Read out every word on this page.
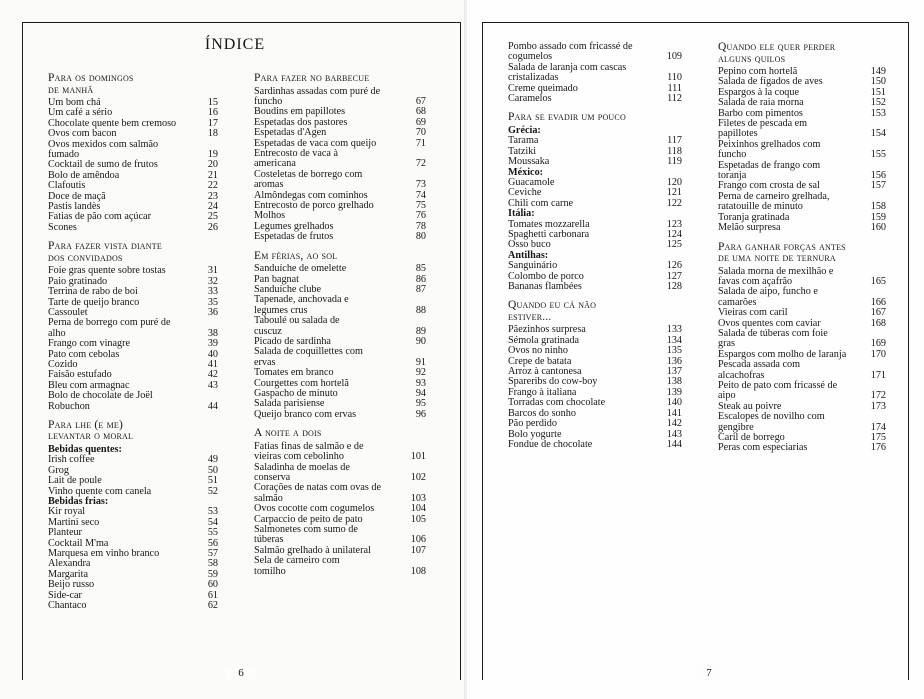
ÍNDICE
Para os domingos
de manhã
Um bom chá	15
Um café a sério	16
Chocolate quente bem cremoso	17
Ovos com bacon	18
Ovos mexidos com salmão
fumado	19
Cocktail de sumo de frutos	20
Bolo de amêndoa	21
Clafoutis	22
Doce de maçã	23
Pastis landès	24
Fatias de pão com açúcar	25
Scones	26
Para fazer vista diante
dos convidados
Foie gras quente sobre tostas	31
Paio gratinado	32
Terrina de rabo de boi	33
Tarte de queijo branco	35
Cassoulet	36
Perna de borrego com puré de
alho	38
Frango com vinagre	39
Pato com cebolas	40
Cozido	41
Faisão estufado	42
Bleu com armagnac	43
Bolo de chocolate de Joël
Robuchon	44
Para lhe (e me)
levantar o moral
Bebidas quentes:
Irish coffee	49
Grog	50
Lait de poule	51
Vinho quente com canela	52
Bebidas frias:
Kir royal	53
Martini seco	54
Planteur	55
Cocktail M'ma	56
Marquesa em vinho branco	57
Alexandra	58
Margarita	59
Beijo russo	60
Side-car	61
Chantaco	62
Para fazer no barbecue
Sardinhas assadas com puré de
funcho	67
Boudins em papillotes	68
Espetadas dos pastores	69
Espetadas d'Agen	70
Espetadas de vaca com queijo	71
Entrecosto de vaca à
americana	72
Costeletas de borrego com
aromas	73
Almôndegas com cominhos	74
Entrecosto de porco grelhado	75
Molhos	76
Legumes grelhados	78
Espetadas de frutos	80
Em férias, ao sol
Sanduíche de omelette	85
Pan bagnat	86
Sanduíche clube	87
Tapenade, anchovada e
legumes crus	88
Taboulé ou salada de
cuscuz	89
Picado de sardinha	90
Salada de coquillettes com
ervas	91
Tomates em branco	92
Courgettes com hortelã	93
Gaspacho de minuto	94
Salada parisiense	95
Queijo branco com ervas	96
A noite a dois
Fatias finas de salmão e de
vieiras com cebolinho	101
Saladinha de moelas de
conserva	102
Corações de natas com ovas de
salmão	103
Ovos cocotte com cogumelos	104
Carpaccio de peito de pato	105
Salmonetes com sumo de
túberas	106
Salmão grelhado à unilateral	107
Sela de carneiro com
tomilho	108
Pombo assado com fricassé de
cogumelos	109
Salada de laranja com cascas
cristalizadas	110
Creme queimado	111
Caramelos	112
Para se evadir um pouco
Grécia:
Tarama	117
Tatziki	118
Moussaka	119
México:
Guacamole	120
Ceviche	121
Chili com carne	122
Itália:
Tomates mozzarella	123
Spaghetti carbonara	124
Osso buco	125
Antilhas:
Sanguinário	126
Colombo de porco	127
Bananas flambées	128
Quando eu cá não
estiver...
Pãezinhos surpresa	133
Sémola gratinada	134
Ovos no ninho	135
Crepe de batata	136
Arroz à cantonesa	137
Spareribs do cow-boy	138
Frango à italiana	139
Torradas com chocolate	140
Barcos do sonho	141
Pão perdido	142
Bolo yogurte	143
Fondue de chocolate	144
Quando ele quer perder
alguns quilos
Pepino com hortelã	149
Salada de fígados de aves	150
Espargos à la coque	151
Salada de raia morna	152
Barbo com pimentos	153
Filetes de pescada em
papillotes	154
Peixinhos grelhados com
funcho	155
Espetadas de frango com
toranja	156
Frango com crosta de sal	157
Perna de carneiro grelhada,
ratatouille de minuto	158
Toranja gratinada	159
Melão surpresa	160
Para ganhar forças antes
de uma noite de ternura
Salada morna de mexilhão e
favas com açafrão	165
Salada de aipo, funcho e
camarões	166
Vieiras com caril	167
Ovos quentes com caviar	168
Salada de túberas com foie
gras	169
Espargos com molho de laranja 170
Pescada assada com
alcachofras	171
Peito de pato com fricassé de
aipo	172
Steak au poivre	173
Escalopes de novilho com
gengibre	174
Caril de borrego	175
Peras com especiarias	176
6	7
